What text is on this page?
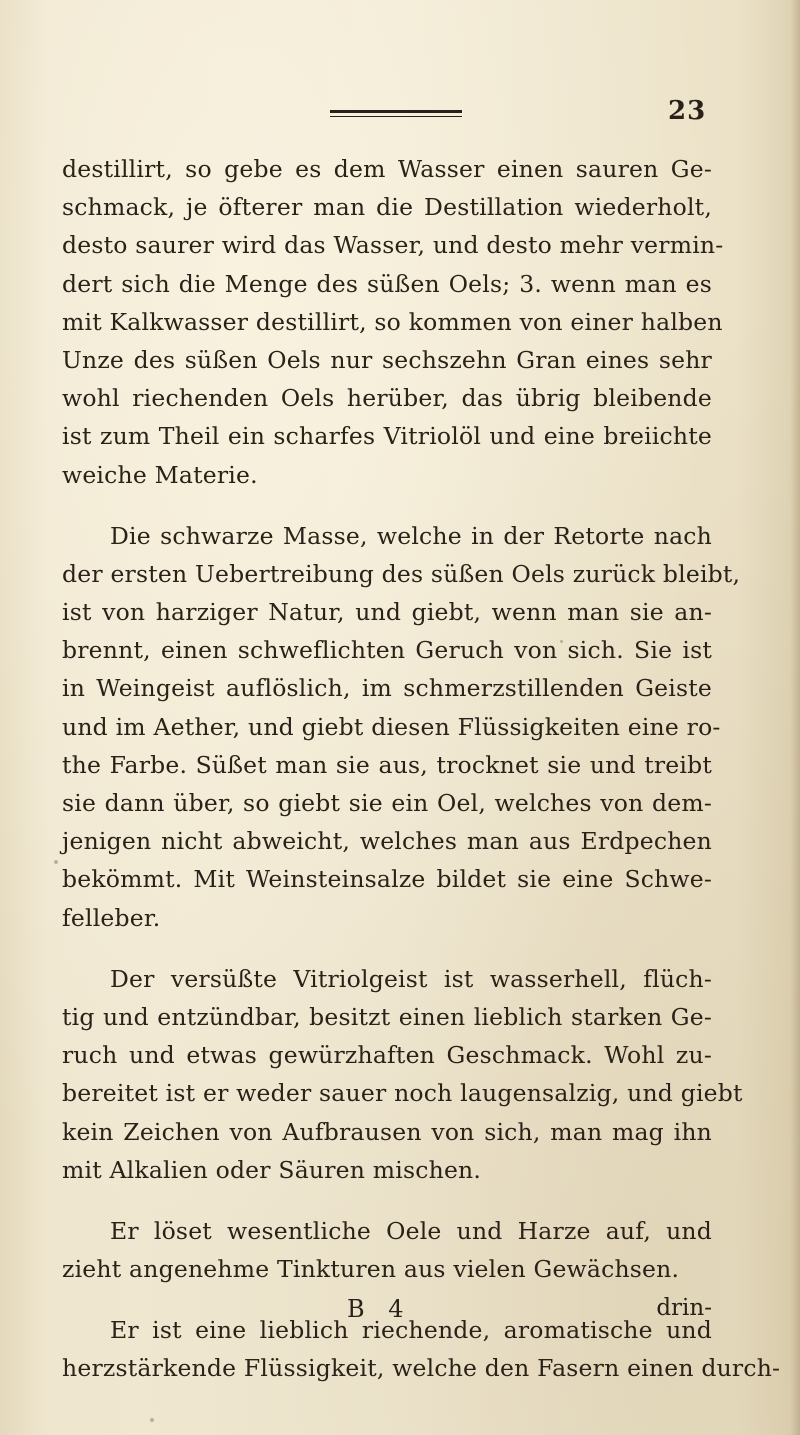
23
destillirt, so gebe es dem Wasser einen sauren Ge-
schmack, je öfterer man die Destillation wiederholt,
desto saurer wird das Wasser, und desto mehr vermin-
dert sich die Menge des süßen Oels; 3. wenn man es
mit Kalkwasser destillirt, so kommen von einer halben
Unze des süßen Oels nur sechszehn Gran eines sehr
wohl riechenden Oels herüber, das übrig bleibende
ist zum Theil ein scharfes Vitriolöl und eine breiichte
weiche Materie.
Die schwarze Masse, welche in der Retorte nach
der ersten Uebertreibung des süßen Oels zurück bleibt,
ist von harziger Natur, und giebt, wenn man sie an-
brennt, einen schweflichten Geruch von sich. Sie ist
in Weingeist auflöslich, im schmerzstillenden Geiste
und im Aether, und giebt diesen Flüssigkeiten eine ro-
the Farbe. Süßet man sie aus, trocknet sie und treibt
sie dann über, so giebt sie ein Oel, welches von dem-
jenigen nicht abweicht, welches man aus Erdpechen
bekömmt. Mit Weinsteinsalze bildet sie eine Schwe-
felleber.
Der versüßte Vitriolgeist ist wasserhell, flüch-
tig und entzündbar, besitzt einen lieblich starken Ge-
ruch und etwas gewürzhaften Geschmack. Wohl zu-
bereitet ist er weder sauer noch laugensalzig, und giebt
kein Zeichen von Aufbrausen von sich, man mag ihn
mit Alkalien oder Säuren mischen.
Er löset wesentliche Oele und Harze auf, und
zieht angenehme Tinkturen aus vielen Gewächsen.
Er ist eine lieblich riechende, aromatische und
herzstärkende Flüssigkeit, welche den Fasern einen durch-
B 4	drin-
